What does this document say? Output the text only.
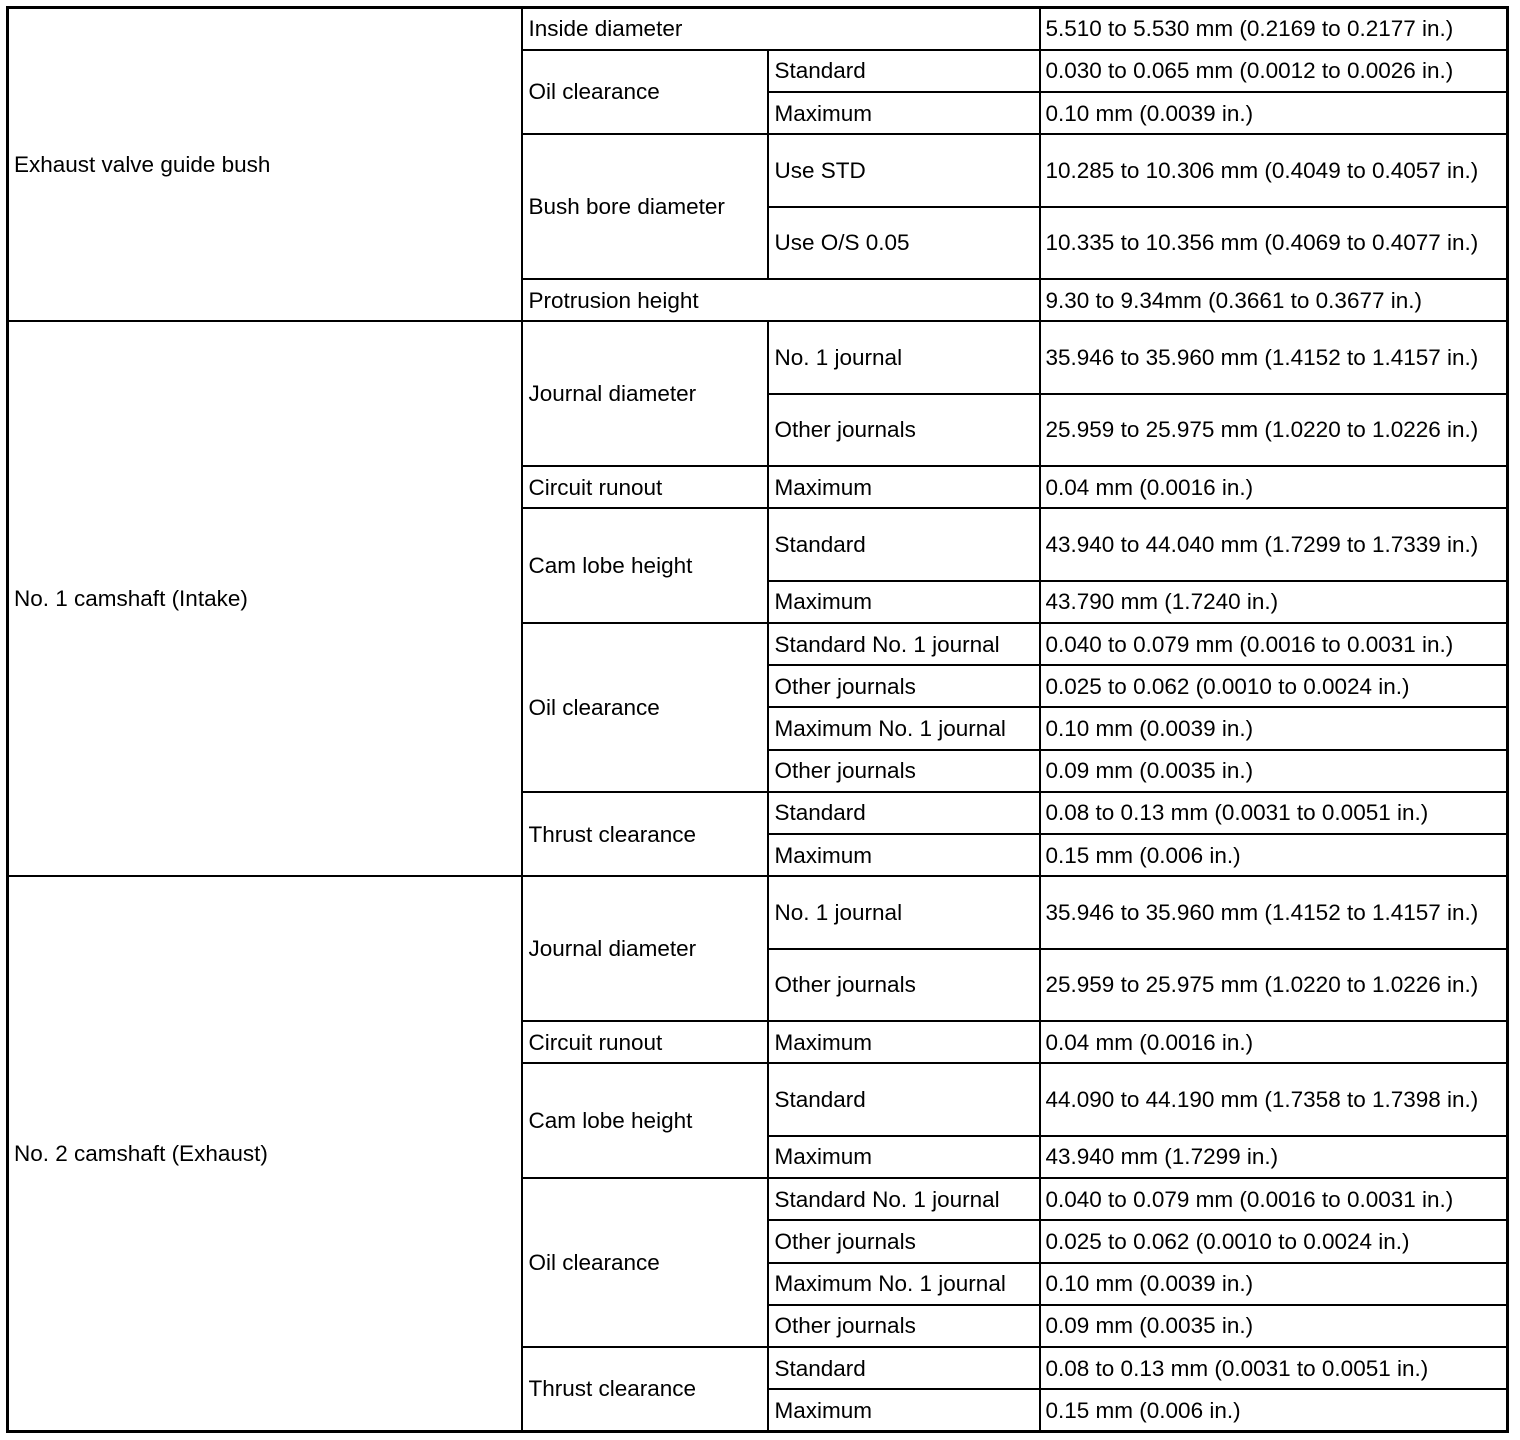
Exhaust valve guide bush	Inside diameter		5.510 to 5.530 mm (0.2169 to 0.2177 in.)
	Oil clearance	Standard	0.030 to 0.065 mm (0.0012 to 0.0026 in.)
		Maximum	0.10 mm (0.0039 in.)
	Bush bore diameter	Use STD	10.285 to 10.306 mm (0.4049 to 0.4057 in.)
		Use O/S 0.05	10.335 to 10.356 mm (0.4069 to 0.4077 in.)
	Protrusion height		9.30 to 9.34mm (0.3661 to 0.3677 in.)
No. 1 camshaft (Intake)	Journal diameter	No. 1 journal	35.946 to 35.960 mm (1.4152 to 1.4157 in.)
		Other journals	25.959 to 25.975 mm (1.0220 to 1.0226 in.)
	Circuit runout	Maximum	0.04 mm (0.0016 in.)
	Cam lobe height	Standard	43.940 to 44.040 mm (1.7299 to 1.7339 in.)
		Maximum	43.790 mm (1.7240 in.)
	Oil clearance	Standard No. 1 journal	0.040 to 0.079 mm (0.0016 to 0.0031 in.)
		Other journals	0.025 to 0.062 (0.0010 to 0.0024 in.)
		Maximum No. 1 journal	0.10 mm (0.0039 in.)
		Other journals	0.09 mm (0.0035 in.)
	Thrust clearance	Standard	0.08 to 0.13 mm (0.0031 to 0.0051 in.)
		Maximum	0.15 mm (0.006 in.)
No. 2 camshaft (Exhaust)	Journal diameter	No. 1 journal	35.946 to 35.960 mm (1.4152 to 1.4157 in.)
		Other journals	25.959 to 25.975 mm (1.0220 to 1.0226 in.)
	Circuit runout	Maximum	0.04 mm (0.0016 in.)
	Cam lobe height	Standard	44.090 to 44.190 mm (1.7358 to 1.7398 in.)
		Maximum	43.940 mm (1.7299 in.)
	Oil clearance	Standard No. 1 journal	0.040 to 0.079 mm (0.0016 to 0.0031 in.)
		Other journals	0.025 to 0.062 (0.0010 to 0.0024 in.)
		Maximum No. 1 journal	0.10 mm (0.0039 in.)
		Other journals	0.09 mm (0.0035 in.)
	Thrust clearance	Standard	0.08 to 0.13 mm (0.0031 to 0.0051 in.)
		Maximum	0.15 mm (0.006 in.)
